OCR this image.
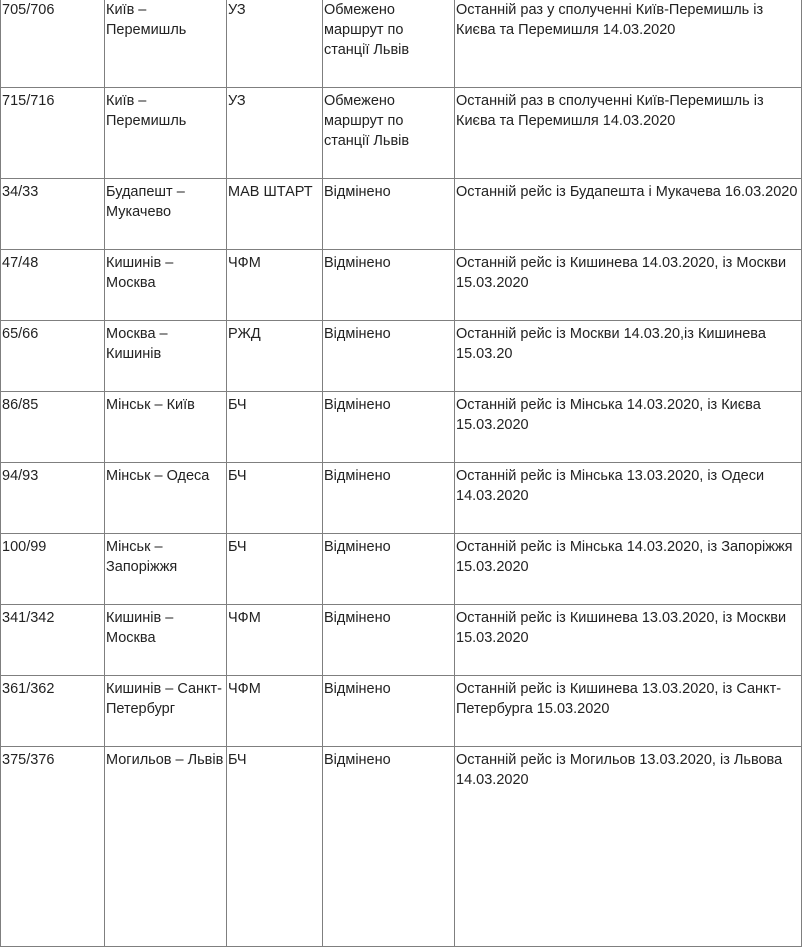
705/706	Київ – Перемишль	УЗ	Обмежено маршрут по станції Львів	Останній раз у сполученні Київ-Перемишль із Києва та Перемишля 14.03.2020
715/716	Київ – Перемишль	УЗ	Обмежено маршрут по станції Львів	Останній раз в сполученні Київ-Перемишль із Києва та Перемишля 14.03.2020
34/33	Будапешт – Мукачево	МАВ ШТАРТ	Відмінено	Останній рейс із Будапешта і Мукачева 16.03.2020
47/48	Кишинів – Москва	ЧФМ	Відмінено	Останній рейс із Кишинева 14.03.2020, із Москви 15.03.2020
65/66	Москва – Кишинів	РЖД	Відмінено	Останній рейс із Москви 14.03.20,із Кишинева 15.03.20
86/85	Мінськ – Київ	БЧ	Відмінено	Останній рейс із Мінська 14.03.2020, із Києва 15.03.2020
94/93	Мінськ – Одеса	БЧ	Відмінено	Останній рейс із Мінська 13.03.2020, із Одеси 14.03.2020
100/99	Мінськ – Запоріжжя	БЧ	Відмінено	Останній рейс із Мінська 14.03.2020, із Запоріжжя 15.03.2020
341/342	Кишинів – Москва	ЧФМ	Відмінено	Останній рейс із Кишинева 13.03.2020, із Москви 15.03.2020
361/362	Кишинів – Санкт-Петербург	ЧФМ	Відмінено	Останній рейс із Кишинева 13.03.2020, із Санкт-Петербурга 15.03.2020
375/376	Могильов – Львів	БЧ	Відмінено	Останній рейс із Могильов 13.03.2020, із Львова 14.03.2020
